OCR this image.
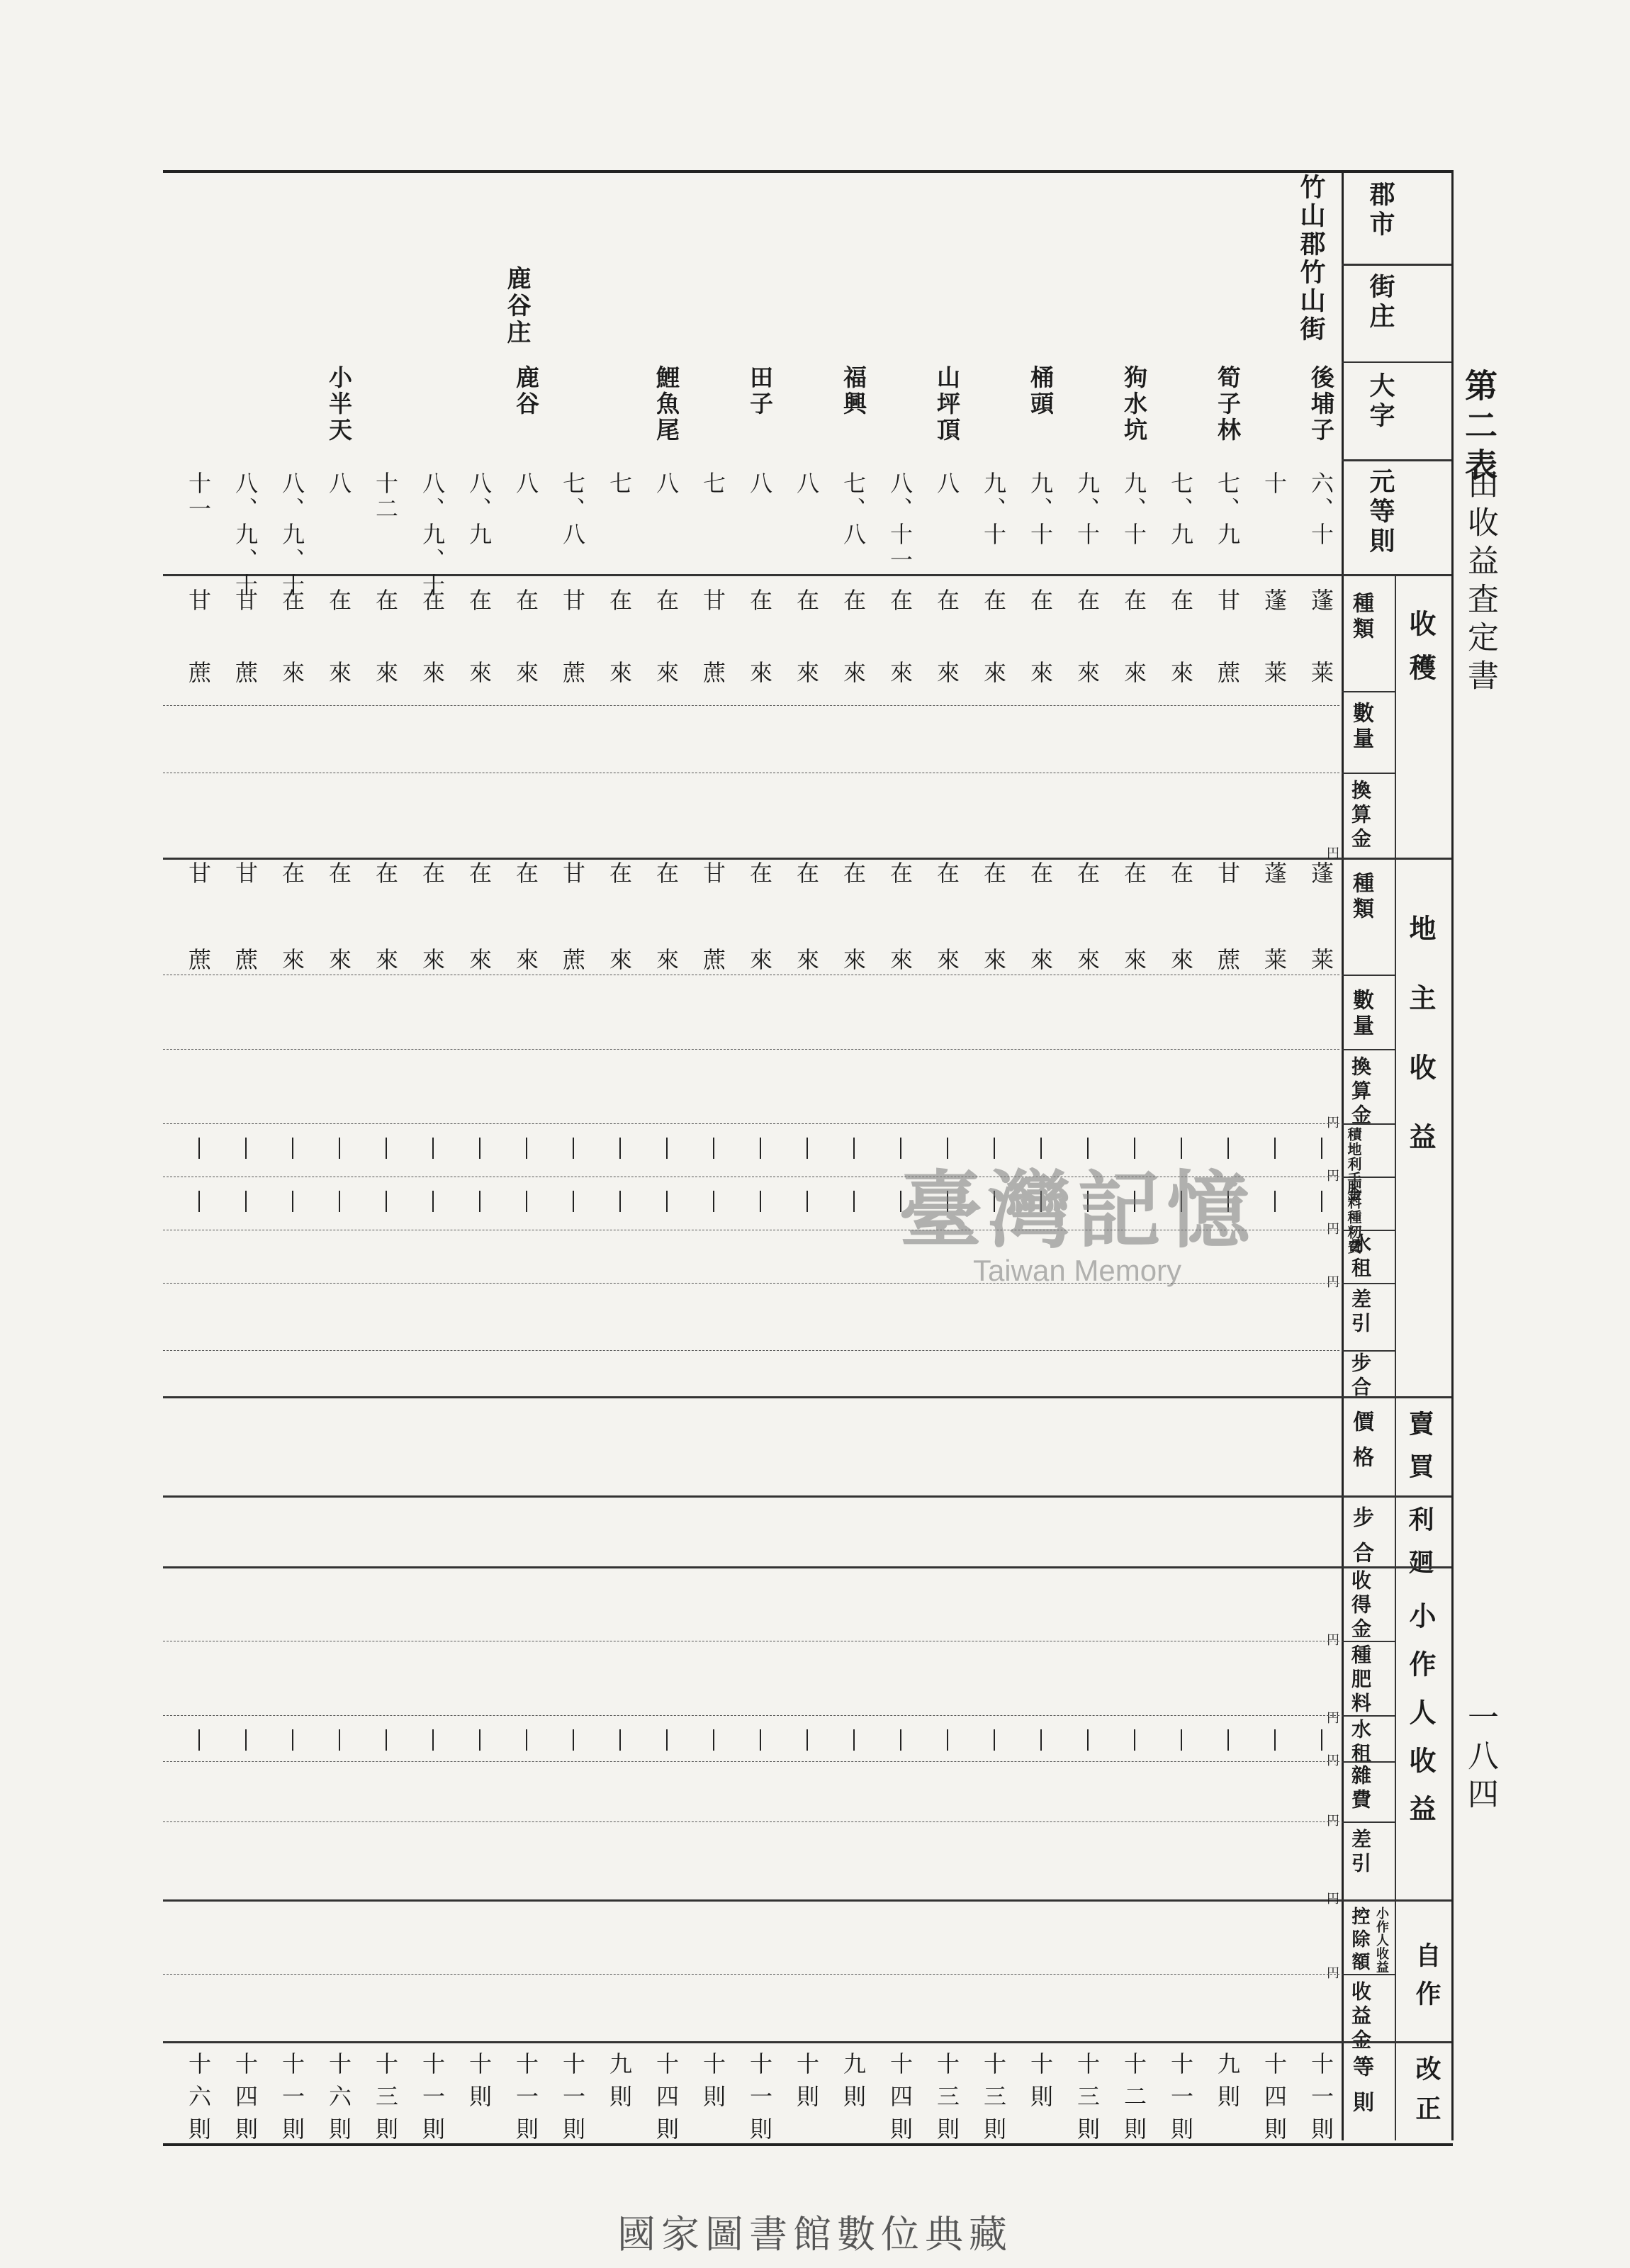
第二表
田收益査定書
一八四
郡市
街庄
大字
元等則
收穫
種類
數量
換算金
地主收益
種類
數量
換算金
積地利手金
肥料種籾費
水租
差引
步合
賣買
價格
利廻
步合
小作人收益
收得金
種肥料
水租
雜費
差引
控除額 小作人收益
自作
收益金
等則 改正
竹山郡竹山街
鹿谷庄
後埔子
六、十
蓬莱
蓬莱
十一則
十
蓬莱
蓬莱
十四則
筍子林
七、九
甘蔗
甘蔗
九則
七、九
在來
在來
十一則
狗水坑
九、十
在來
在來
十二則
九、十
在來
在來
十三則
桶頭
九、十
在來
在來
十則
九、十
在來
在來
十三則
山坪頂
八
在來
在來
十三則
八、十一
在來
在來
十四則
福興
七、八
在來
在來
九則
八
在來
在來
十則
田子
八
在來
在來
十一則
七
甘蔗
甘蔗
十則
鯉魚尾
八
在來
在來
十四則
七
在來
在來
九則
七、八
甘蔗
甘蔗
十一則
鹿谷
八
在來
在來
十一則
八、九
在來
在來
十則
八、九、十
在來
在來
十一則
十二
在來
在來
十三則
小半天
八
在來
在來
十六則
八、九、十
在來
在來
十一則
八、九、十
甘蔗
甘蔗
十四則
十一
甘蔗
甘蔗
十六則
円
円
円
円
円
円
円
円
円
円
円
臺灣記憶
Taiwan Memory
國家圖書館數位典藏
